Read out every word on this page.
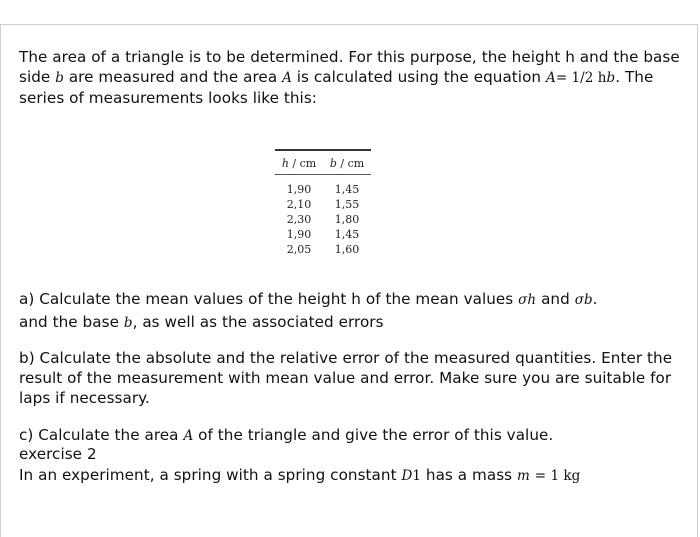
The area of a triangle is to be determined. For this purpose, the height h and the base side b are measured and the area A is calculated using the equation A= 1/2 hb. The series of measurements looks like this:
h / cm	b / cm
1,90	1,45
2,10	1,55
2,30	1,80
1,90	1,45
2,05	1,60
a) Calculate the mean values of the height h of the mean values σh and σb.
and the base b, as well as the associated errors
b) Calculate the absolute and the relative error of the measured quantities. Enter the result of the measurement with mean value and error. Make sure you are suitable for laps if necessary.
c) Calculate the area A of the triangle and give the error of this value.
exercise 2
In an experiment, a spring with a spring constant D1 has a mass m = 1 kg
